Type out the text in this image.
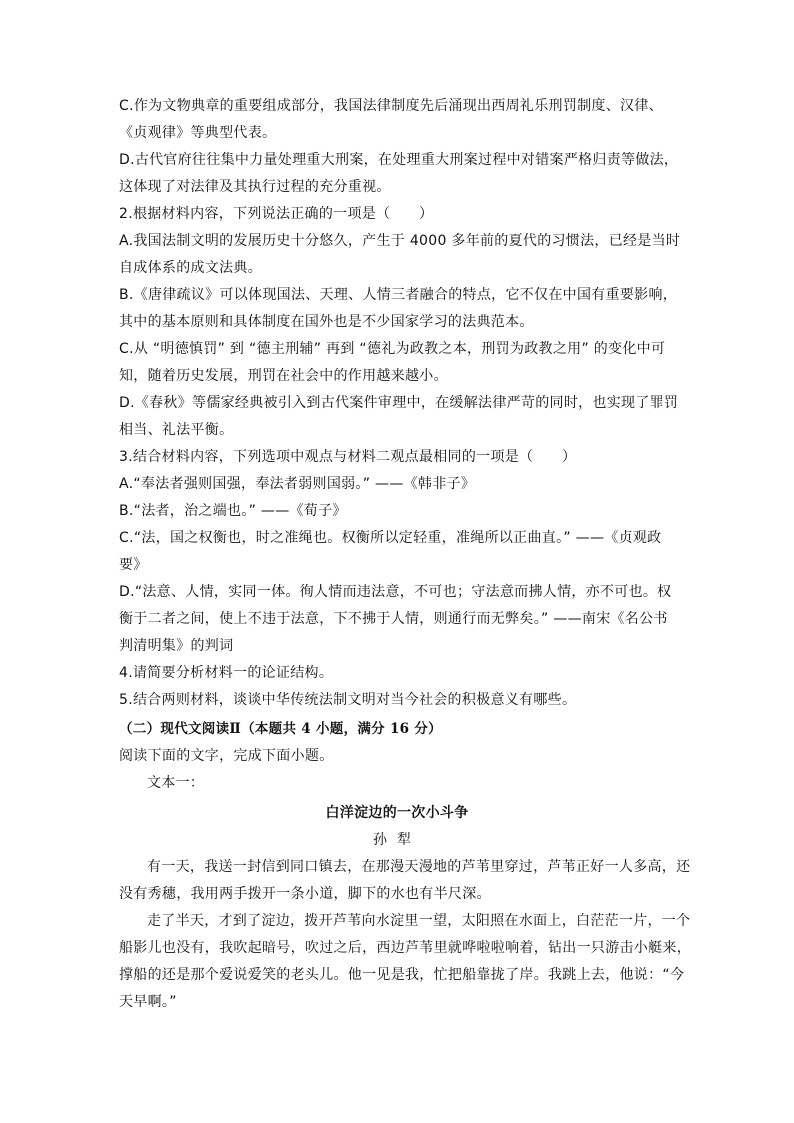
C.作为文物典章的重要组成部分，我国法律制度先后涌现出西周礼乐刑罚制度、汉律、
《贞观律》等典型代表。
D.古代官府往往集中力量处理重大刑案，在处理重大刑案过程中对错案严格归责等做法，
这体现了对法律及其执行过程的充分重视。
2.根据材料内容，下列说法正确的一项是（　　）
A.我国法制文明的发展历史十分悠久，产生于 4000 多年前的夏代的习惯法，已经是当时
自成体系的成文法典。
B.《唐律疏议》可以体现国法、天理、人情三者融合的特点，它不仅在中国有重要影响，
其中的基本原则和具体制度在国外也是不少国家学习的法典范本。
C.从 “明德慎罚” 到 “德主刑辅” 再到 “德礼为政教之本，刑罚为政教之用” 的变化中可
知，随着历史发展，刑罚在社会中的作用越来越小。
D.《春秋》等儒家经典被引入到古代案件审理中，在缓解法律严苛的同时，也实现了罪罚
相当、礼法平衡。
3.结合材料内容，下列选项中观点与材料二观点最相同的一项是（　　）
A.“奉法者强则国强，奉法者弱则国弱。” ——《韩非子》
B.“法者，治之端也。” ——《荀子》
C.“法，国之权衡也，时之准绳也。权衡所以定轻重，准绳所以正曲直。” ——《贞观政
要》
D.“法意、人情，实同一体。徇人情而违法意，不可也；守法意而拂人情，亦不可也。权
衡于二者之间，使上不违于法意，下不拂于人情，则通行而无弊矣。” ——南宋《名公书
判清明集》的判词
4.请简要分析材料一的论证结构。
5.结合两则材料，谈谈中华传统法制文明对当今社会的积极意义有哪些。
（二）现代文阅读Ⅱ（本题共 4 小题，满分 16 分）
阅读下面的文字，完成下面小题。
文本一：
白洋淀边的一次小斗争
孙犁
有一天，我送一封信到同口镇去，在那漫天漫地的芦苇里穿过，芦苇正好一人多高，还
没有秀穗，我用两手拨开一条小道，脚下的水也有半尺深。
走了半天，才到了淀边，拨开芦苇向水淀里一望，太阳照在水面上，白茫茫一片，一个
船影儿也没有，我吹起暗号，吹过之后，西边芦苇里就哗啦啦响着，钻出一只游击小艇来，
撑船的还是那个爱说爱笑的老头儿。他一见是我，忙把船靠拢了岸。我跳上去，他说：“今
天早啊。”
